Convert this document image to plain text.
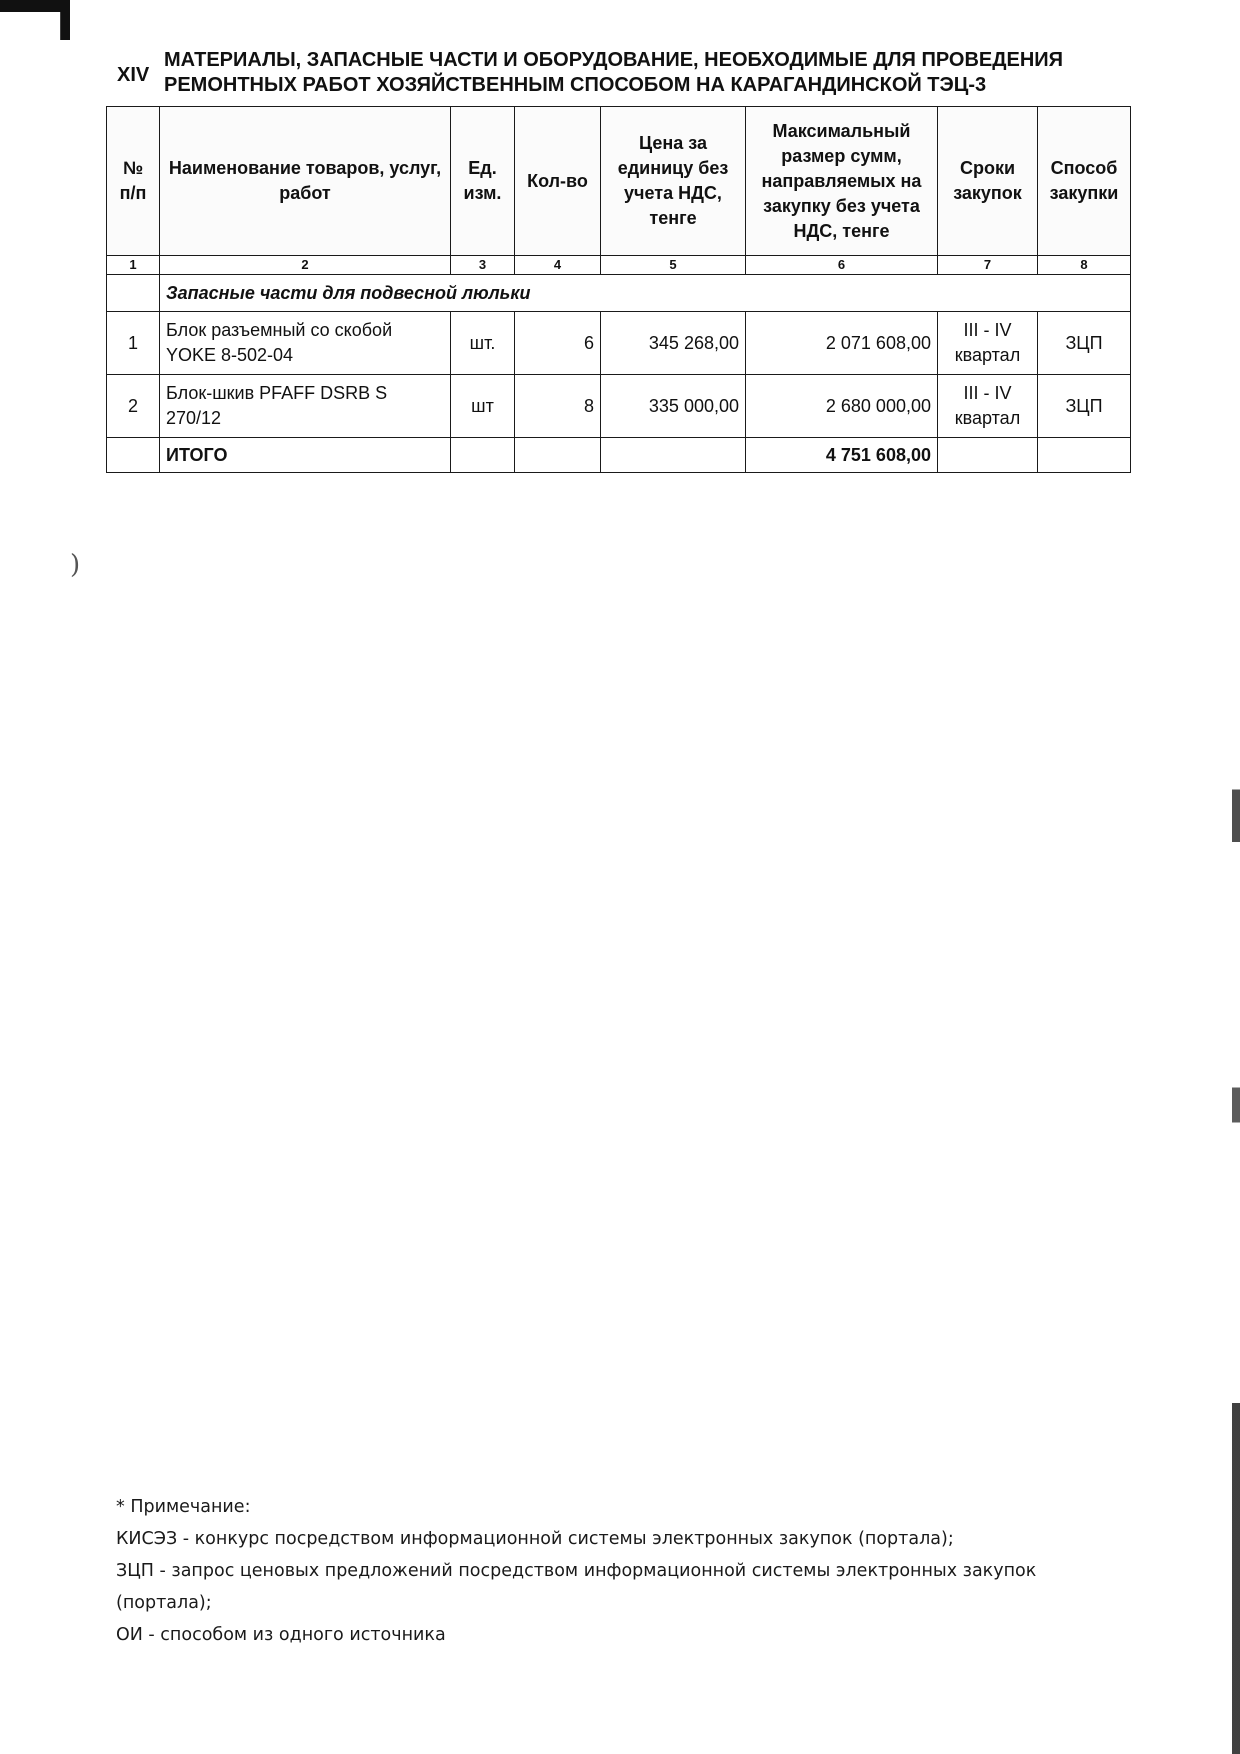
)
XIV
МАТЕРИАЛЫ, ЗАПАСНЫЕ ЧАСТИ И ОБОРУДОВАНИЕ, НЕОБХОДИМЫЕ ДЛЯ ПРОВЕДЕНИЯ РЕМОНТНЫХ РАБОТ ХОЗЯЙСТВЕННЫМ СПОСОБОМ НА КАРАГАНДИНСКОЙ ТЭЦ-3
№ п/п	Наименование товаров, услуг, работ	Ед. изм.	Кол-во	Цена за единицу без учета НДС, тенге	Максимальный размер сумм, направляемых на закупку без учета НДС, тенге	Сроки закупок	Способ закупки
1	2	3	4	5	6	7	8
	Запасные части для подвесной люльки						
1	Блок разъемный со скобой YOKE 8-502-04	шт.	6	345 268,00	2 071 608,00	III - IV квартал	ЗЦП
2	Блок-шкив PFAFF DSRB S 270/12	шт	8	335 000,00	2 680 000,00	III - IV квартал	ЗЦП
	ИТОГО				4 751 608,00		

* Примечание:

КИСЭЗ - конкурс посредством информационной системы электронных закупок (портала);

ЗЦП - запрос ценовых предложений посредством информационной системы электронных закупок (портала);

ОИ - способом из одного источника
